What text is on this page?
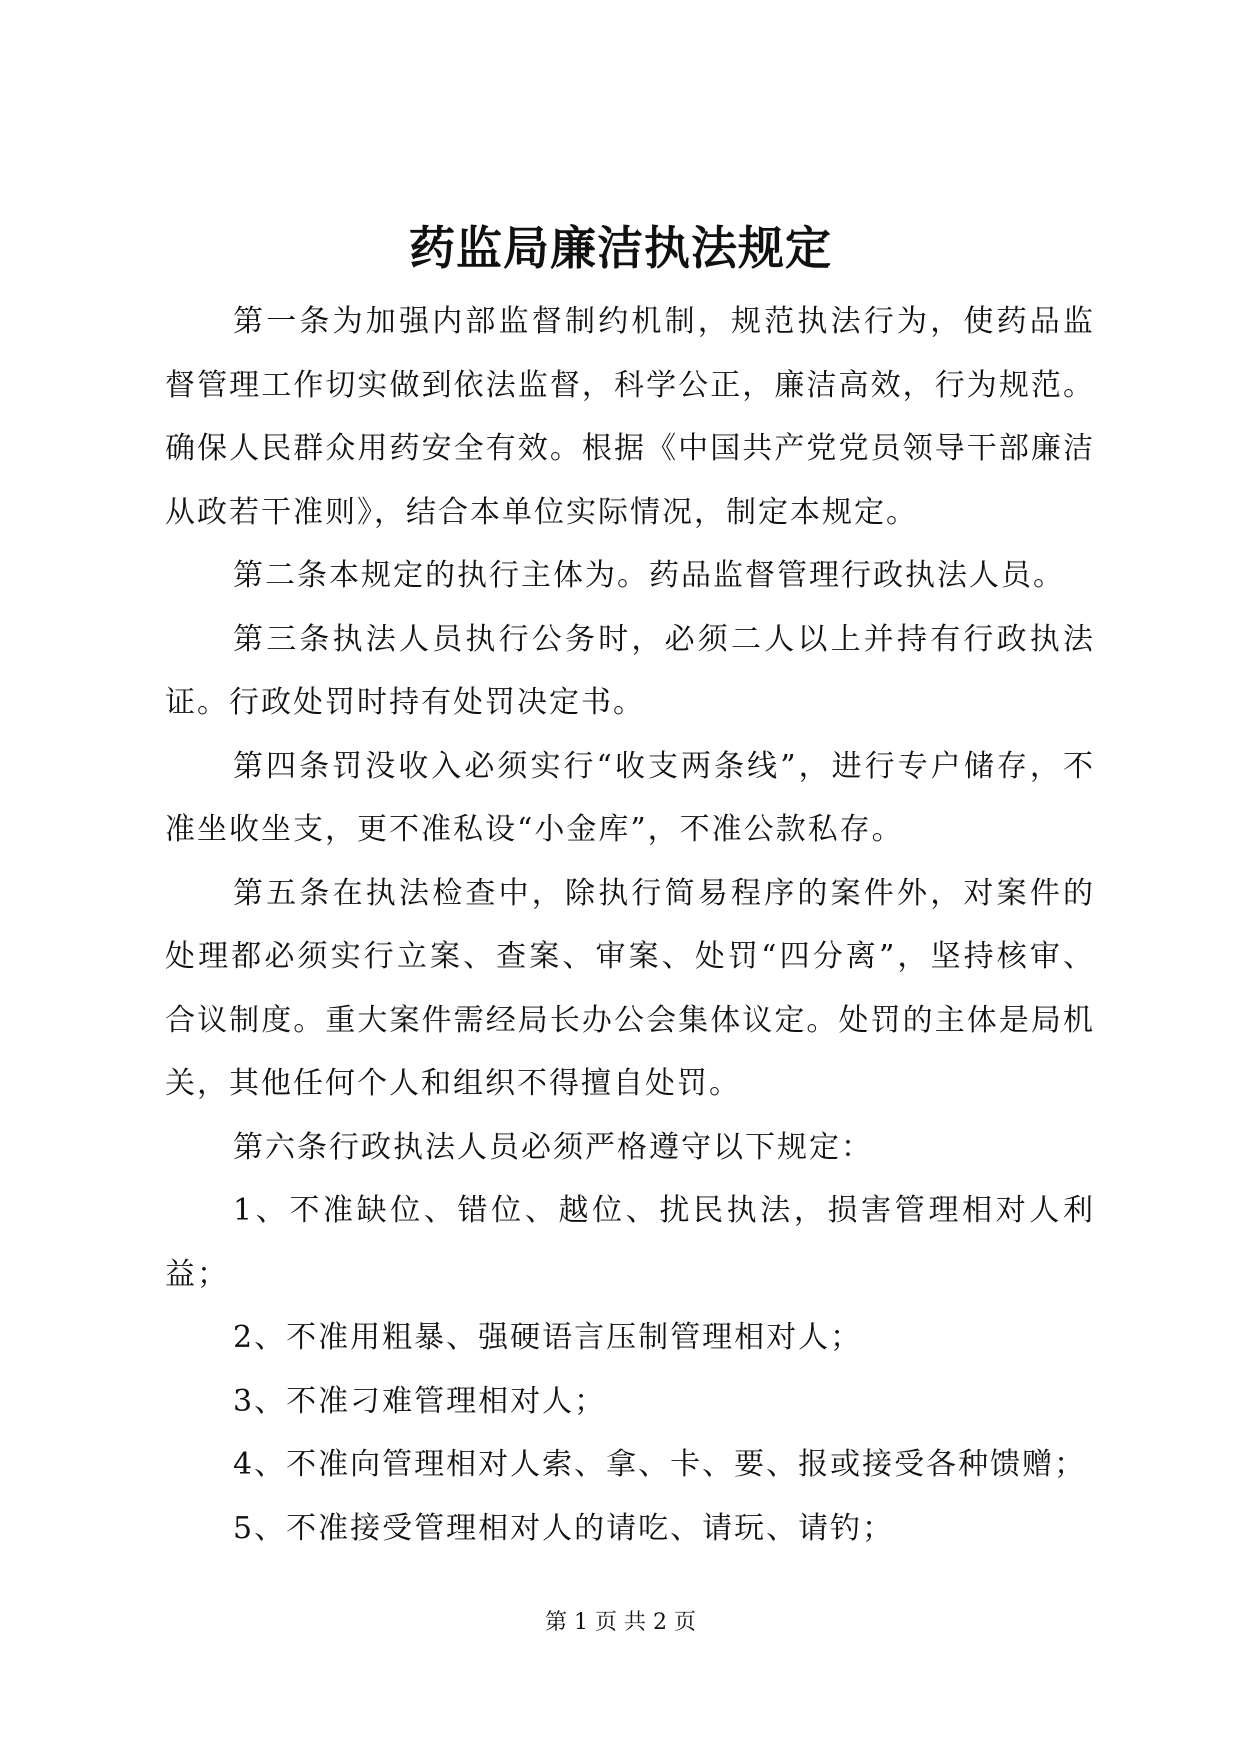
药监局廉洁执法规定

第一条为加强内部监督制约机制，规范执法行为，使药品监督管理工作切实做到依法监督，科学公正，廉洁高效，行为规范。确保人民群众用药安全有效。根据《中国共产党党员领导干部廉洁从政若干准则》，结合本单位实际情况，制定本规定。

第二条本规定的执行主体为。药品监督管理行政执法人员。

第三条执法人员执行公务时，必须二人以上并持有行政执法证。行政处罚时持有处罚决定书。

第四条罚没收入必须实行“收支两条线”，进行专户储存，不准坐收坐支，更不准私设“小金库”，不准公款私存。

第五条在执法检查中，除执行简易程序的案件外，对案件的处理都必须实行立案、查案、审案、处罚“四分离”，坚持核审、合议制度。重大案件需经局长办公会集体议定。处罚的主体是局机关，其他任何个人和组织不得擅自处罚。

第六条行政执法人员必须严格遵守以下规定：

1、不准缺位、错位、越位、扰民执法，损害管理相对人利益；

2、不准用粗暴、强硬语言压制管理相对人；

3、不准刁难管理相对人；

4、不准向管理相对人索、拿、卡、要、报或接受各种馈赠；

5、不准接受管理相对人的请吃、请玩、请钓；

第 1 页 共 2 页
